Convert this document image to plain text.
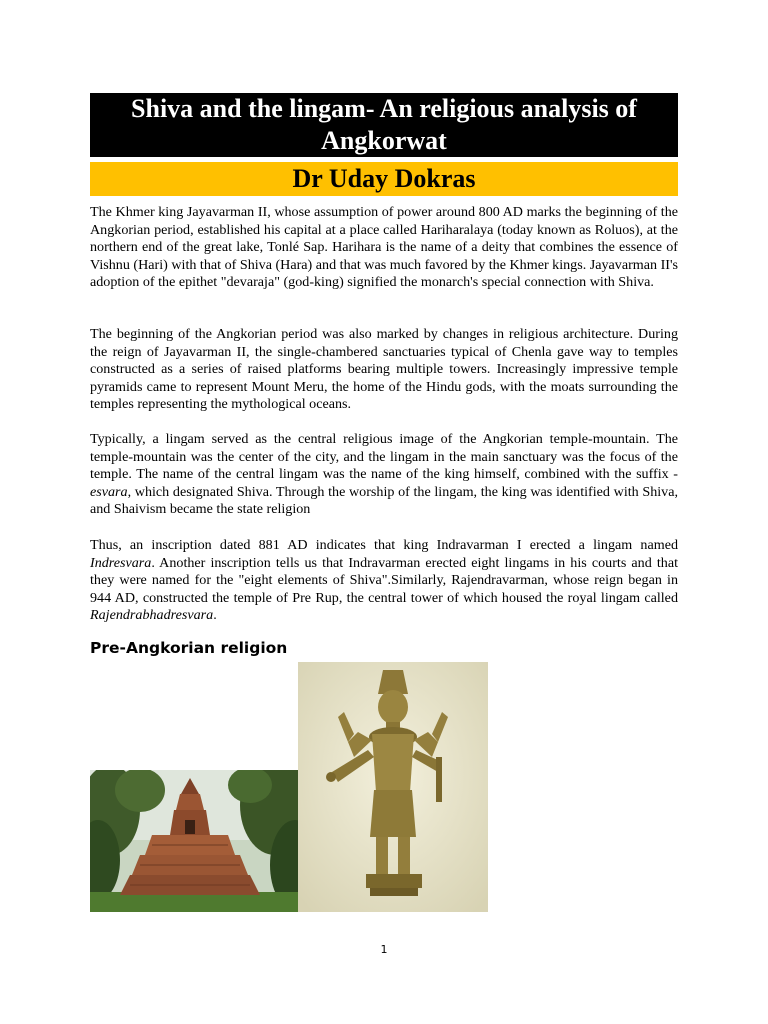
Shiva and the lingam- An religious analysis of Angkorwat
Dr Uday Dokras

The Khmer king Jayavarman II, whose assumption of power around 800 AD marks the beginning of the Angkorian period, established his capital at a place called Hariharalaya (today known as Roluos), at the northern end of the great lake, Tonlé Sap. Harihara is the name of a deity that combines the essence of Vishnu (Hari) with that of Shiva (Hara) and that was much favored by the Khmer kings. Jayavarman II's adoption of the epithet "devaraja" (god-king) signified the monarch's special connection with Shiva.

The beginning of the Angkorian period was also marked by changes in religious architecture. During the reign of Jayavarman II, the single-chambered sanctuaries typical of Chenla gave way to temples constructed as a series of raised platforms bearing multiple towers. Increasingly impressive temple pyramids came to represent Mount Meru, the home of the Hindu gods, with the moats surrounding the temples representing the mythological oceans.

Typically, a lingam served as the central religious image of the Angkorian temple-mountain. The temple-mountain was the center of the city, and the lingam in the main sanctuary was the focus of the temple. The name of the central lingam was the name of the king himself, combined with the suffix -esvara, which designated Shiva. Through the worship of the lingam, the king was identified with Shiva, and Shaivism became the state religion

Thus, an inscription dated 881 AD indicates that king Indravarman I erected a lingam named Indresvara. Another inscription tells us that Indravarman erected eight lingams in his courts and that they were named for the "eight elements of Shiva".Similarly, Rajendravarman, whose reign began in 944 AD, constructed the temple of Pre Rup, the central tower of which housed the royal lingam called Rajendrabhadresvara.

Pre-Angkorian religion
1
